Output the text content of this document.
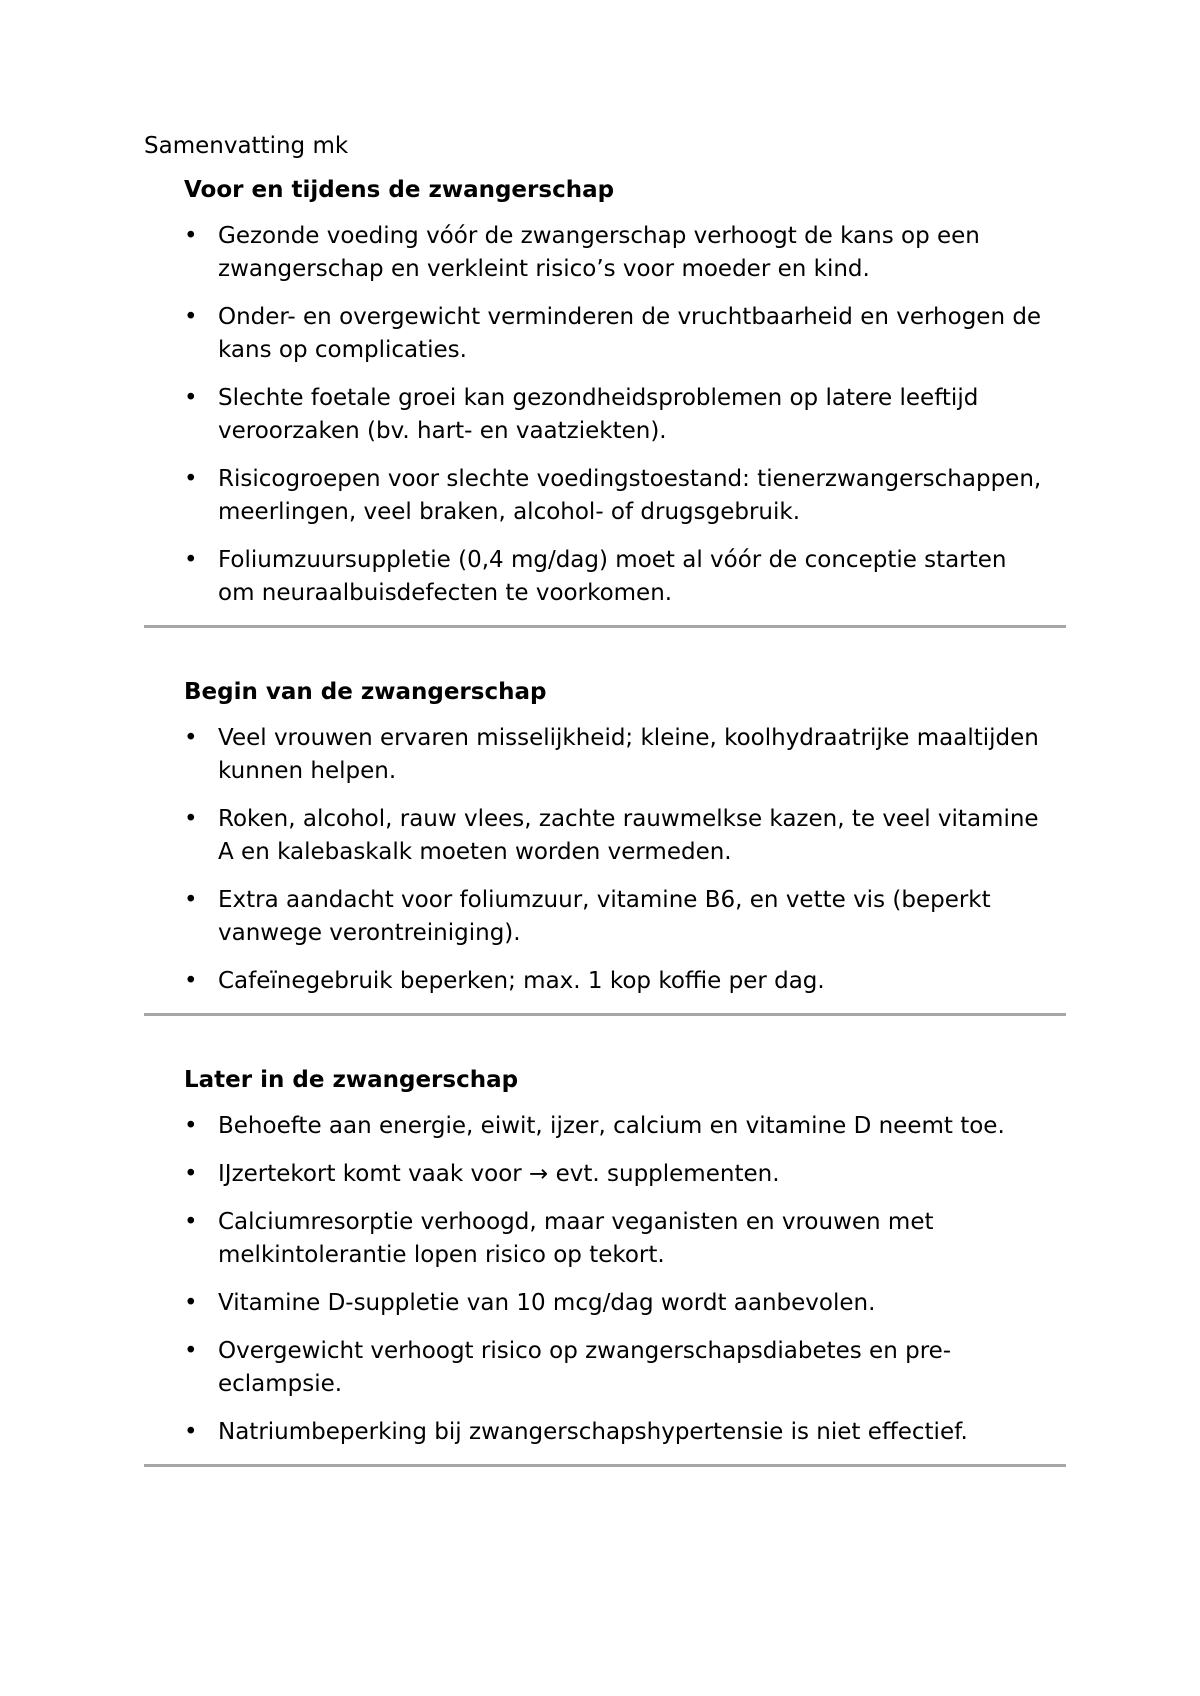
Samenvatting mk
Voor en tijdens de zwangerschap
• Gezonde voeding vóór de zwangerschap verhoogt de kans op een zwangerschap en verkleint risico’s voor moeder en kind.
• Onder- en overgewicht verminderen de vruchtbaarheid en verhogen de kans op complicaties.
• Slechte foetale groei kan gezondheidsproblemen op latere leeftijd veroorzaken (bv. hart- en vaatziekten).
• Risicogroepen voor slechte voedingstoestand: tienerzwangerschappen, meerlingen, veel braken, alcohol- of drugsgebruik.
• Foliumzuursuppletie (0,4 mg/dag) moet al vóór de conceptie starten om neuraalbuisdefecten te voorkomen.
Begin van de zwangerschap
• Veel vrouwen ervaren misselijkheid; kleine, koolhydraatrijke maaltijden kunnen helpen.
• Roken, alcohol, rauw vlees, zachte rauwmelkse kazen, te veel vitamine A en kalebaskalk moeten worden vermeden.
• Extra aandacht voor foliumzuur, vitamine B6, en vette vis (beperkt vanwege verontreiniging).
• Cafeïnegebruik beperken; max. 1 kop koffie per dag.
Later in de zwangerschap
• Behoefte aan energie, eiwit, ijzer, calcium en vitamine D neemt toe.
• IJzertekort komt vaak voor → evt. supplementen.
• Calciumresorptie verhoogd, maar veganisten en vrouwen met melkintolerantie lopen risico op tekort.
• Vitamine D-suppletie van 10 mcg/dag wordt aanbevolen.
• Overgewicht verhoogt risico op zwangerschapsdiabetes en pre-eclampsie.
• Natriumbeperking bij zwangerschapshypertensie is niet effectief.
